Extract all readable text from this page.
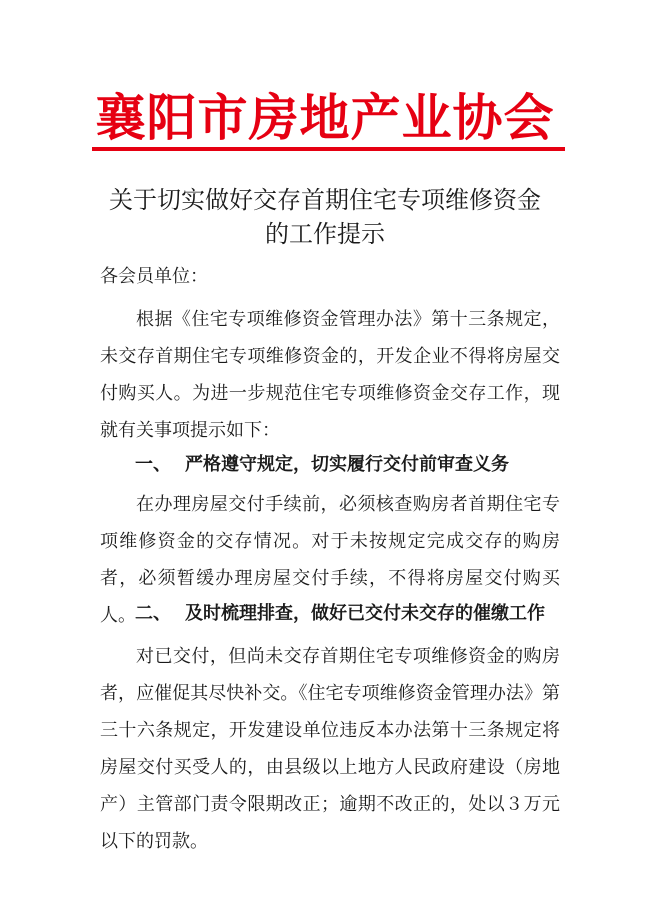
襄阳市房地产业协会
关于切实做好交存首期住宅专项维修资金
的工作提示
各会员单位：
根据《住宅专项维修资金管理办法》第十三条规定，未交存首期住宅专项维修资金的，开发企业不得将房屋交付购买人。为进一步规范住宅专项维修资金交存工作，现就有关事项提示如下：
一、 严格遵守规定，切实履行交付前审查义务
在办理房屋交付手续前，必须核查购房者首期住宅专项维修资金的交存情况。对于未按规定完成交存的购房者，必须暂缓办理房屋交付手续，不得将房屋交付购买人。 二、 及时梳理排查，做好已交付未交存的催缴工作
对已交付，但尚未交存首期住宅专项维修资金的购房者，应催促其尽快补交。《住宅专项维修资金管理办法》第三十六条规定，开发建设单位违反本办法第十三条规定将房屋交付买受人的，由县级以上地方人民政府建设（房地产）主管部门责令限期改正；逾期不改正的，处以３万元以下的罚款。
